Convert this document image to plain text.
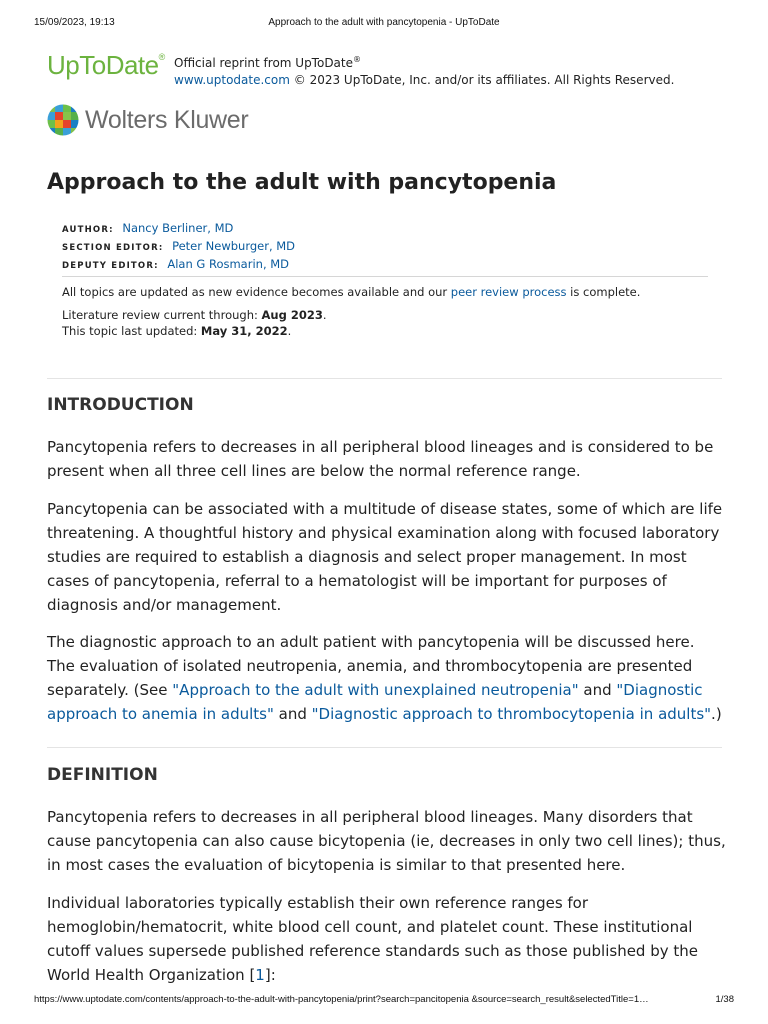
15/09/2023, 19:13	Approach to the adult with pancytopenia - UpToDate
UpToDate® Official reprint from UpToDate®
www.uptodate.com © 2023 UpToDate, Inc. and/or its affiliates. All Rights Reserved.
Wolters Kluwer
Approach to the adult with pancytopenia
AUTHOR: Nancy Berliner, MD
SECTION EDITOR: Peter Newburger, MD
DEPUTY EDITOR: Alan G Rosmarin, MD

All topics are updated as new evidence becomes available and our peer review process is complete.

Literature review current through: Aug 2023.

This topic last updated: May 31, 2022.

INTRODUCTION

Pancytopenia refers to decreases in all peripheral blood lineages and is considered to be present when all three cell lines are below the normal reference range.

Pancytopenia can be associated with a multitude of disease states, some of which are life threatening. A thoughtful history and physical examination along with focused laboratory studies are required to establish a diagnosis and select proper management. In most cases of pancytopenia, referral to a hematologist will be important for purposes of diagnosis and/or management.

The diagnostic approach to an adult patient with pancytopenia will be discussed here. The evaluation of isolated neutropenia, anemia, and thrombocytopenia are presented separately. (See "Approach to the adult with unexplained neutropenia" and "Diagnostic approach to anemia in adults" and "Diagnostic approach to thrombocytopenia in adults".)

DEFINITION

Pancytopenia refers to decreases in all peripheral blood lineages. Many disorders that cause pancytopenia can also cause bicytopenia (ie, decreases in only two cell lines); thus, in most cases the evaluation of bicytopenia is similar to that presented here.

Individual laboratories typically establish their own reference ranges for hemoglobin/hematocrit, white blood cell count, and platelet count. These institutional cutoff values supersede published reference standards such as those published by the World Health Organization [1]:

https://www.uptodate.com/contents/approach-to-the-adult-with-pancytopenia/print?search=pancitopenia &source=search_result&selectedTitle=1…	1/38
